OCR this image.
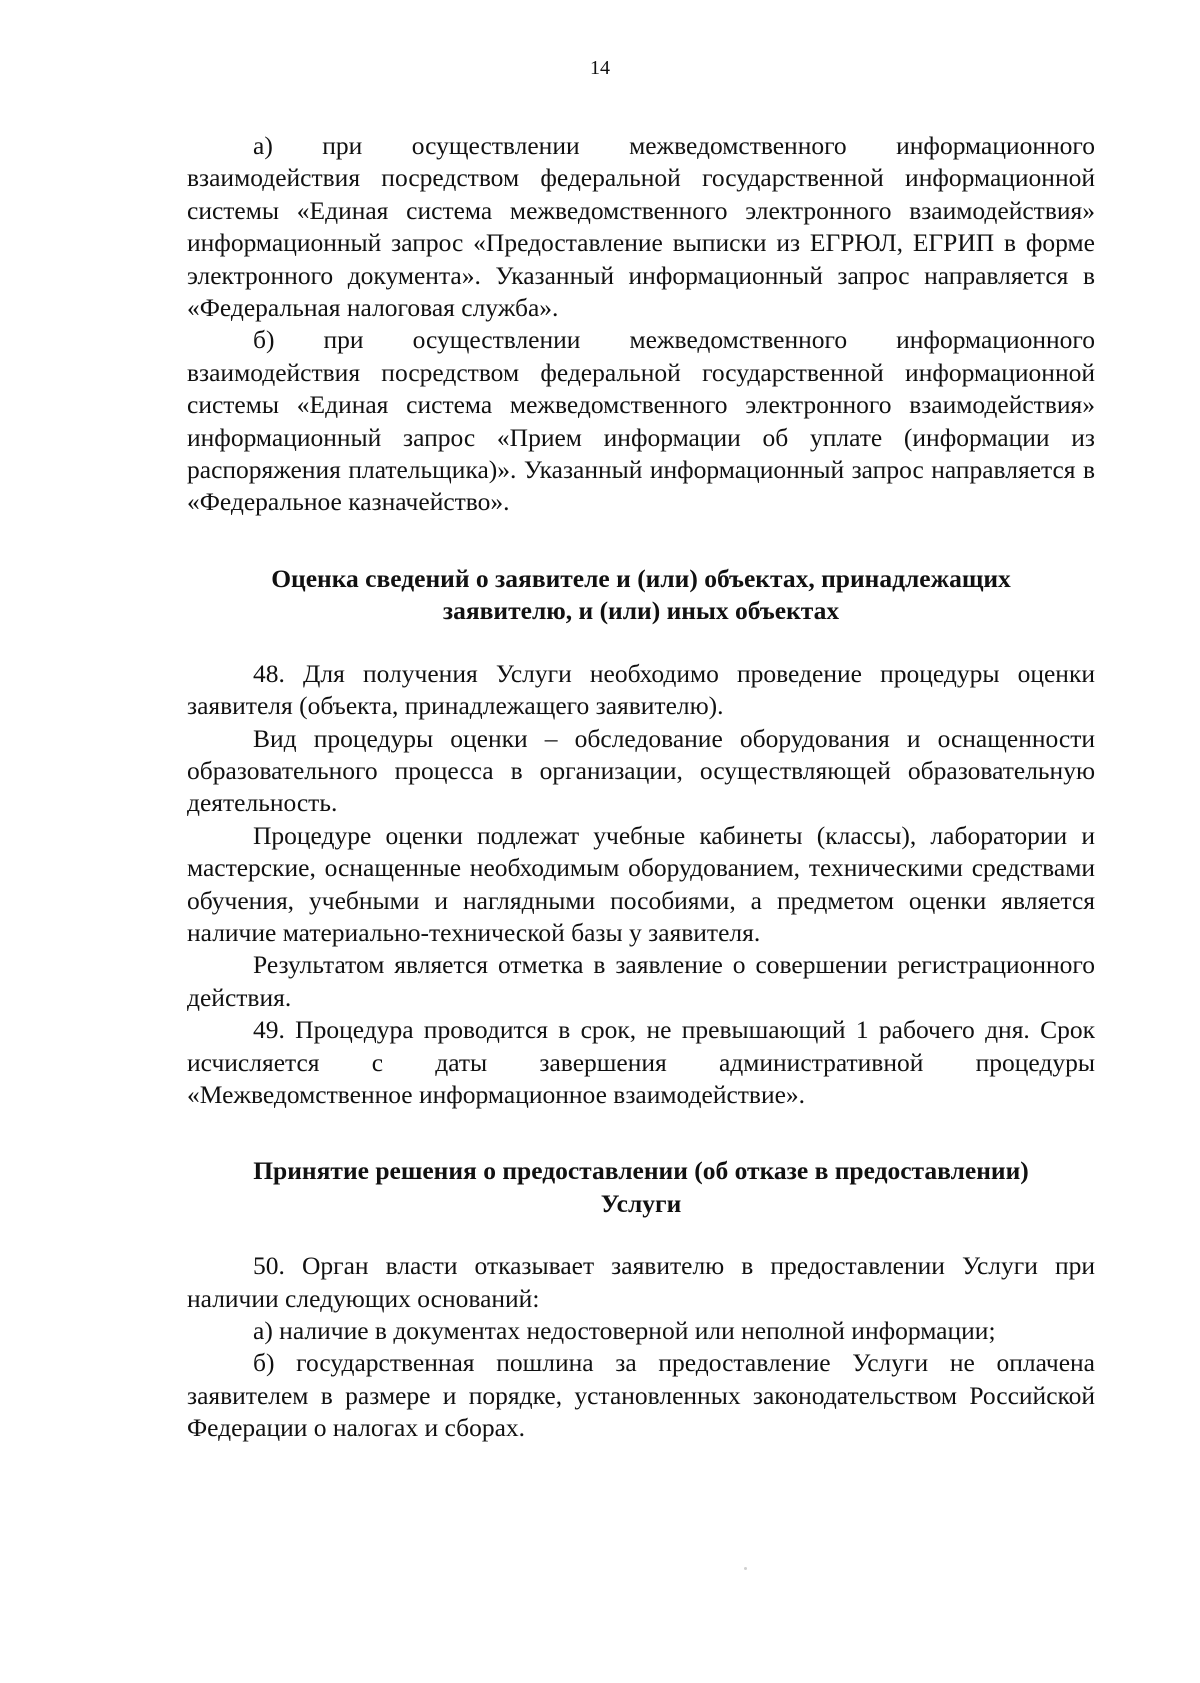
14

а) при осуществлении межведомственного информационного взаимодействия посредством федеральной государственной информационной системы «Единая система межведомственного электронного взаимодействия» информационный запрос «Предоставление выписки из ЕГРЮЛ, ЕГРИП в форме электронного документа». Указанный информационный запрос направляется в «Федеральная налоговая служба».

б) при осуществлении межведомственного информационного взаимодействия посредством федеральной государственной информационной системы «Единая система межведомственного электронного взаимодействия» информационный запрос «Прием информации об уплате (информации из распоряжения плательщика)». Указанный информационный запрос направляется в «Федеральное казначейство».

Оценка сведений о заявителе и (или) объектах, принадлежащих
заявителю, и (или) иных объектах

48. Для получения Услуги необходимо проведение процедуры оценки заявителя (объекта, принадлежащего заявителю).

Вид процедуры оценки – обследование оборудования и оснащенности образовательного процесса в организации, осуществляющей образовательную деятельность.

Процедуре оценки подлежат учебные кабинеты (классы), лаборатории и мастерские, оснащенные необходимым оборудованием, техническими средствами обучения, учебными и наглядными пособиями, а предметом оценки является наличие материально-технической базы у заявителя.

Результатом является отметка в заявление о совершении регистрационного действия.

49. Процедура проводится в срок, не превышающий 1 рабочего дня. Срок исчисляется с даты завершения административной процедуры «Межведомственное информационное взаимодействие».

Принятие решения о предоставлении (об отказе в предоставлении)
Услуги

50. Орган власти отказывает заявителю в предоставлении Услуги при наличии следующих оснований:

а) наличие в документах недостоверной или неполной информации;

б) государственная пошлина за предоставление Услуги не оплачена заявителем в размере и порядке, установленных законодательством Российской Федерации о налогах и сборах.
